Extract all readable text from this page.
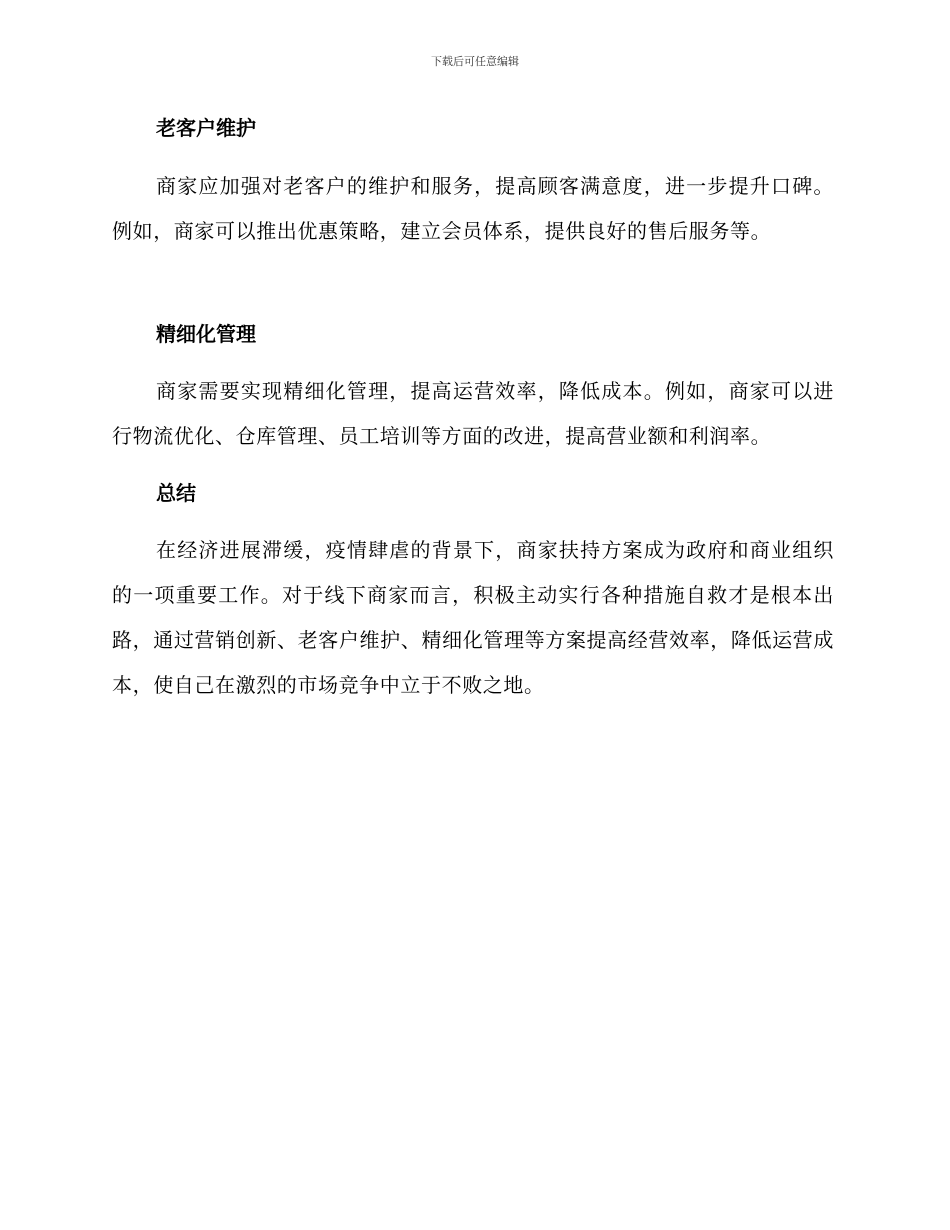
下载后可任意编辑
老客户维护

商家应加强对老客户的维护和服务，提高顾客满意度，进一步提升口碑。例如，商家可以推出优惠策略，建立会员体系，提供良好的售后服务等。

精细化管理

商家需要实现精细化管理，提高运营效率，降低成本。例如，商家可以进行物流优化、仓库管理、员工培训等方面的改进，提高营业额和利润率。

总结

在经济进展滞缓，疫情肆虐的背景下，商家扶持方案成为政府和商业组织的一项重要工作。对于线下商家而言，积极主动实行各种措施自救才是根本出路，通过营销创新、老客户维护、精细化管理等方案提高经营效率，降低运营成本，使自己在激烈的市场竞争中立于不败之地。
